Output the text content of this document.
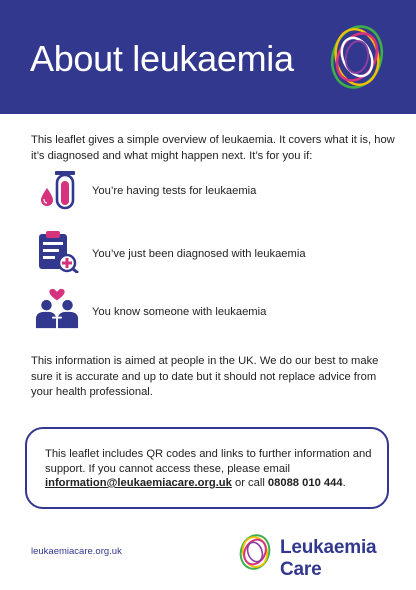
About leukaemia
This leaflet gives a simple overview of leukaemia. It covers what it is, how it’s diagnosed and what might happen next. It’s for you if:
You’re having tests for leukaemia
You’ve just been diagnosed with leukaemia
You know someone with leukaemia
This information is aimed at people in the UK. We do our best to make sure it is accurate and up to date but it should not replace advice from your health professional.
This leaflet includes QR codes and links to further information and support. If you cannot access these, please email information@leukaemiacare.org.uk or call 08088 010 444.
leukaemiacare.org.uk	Leukaemia Care
